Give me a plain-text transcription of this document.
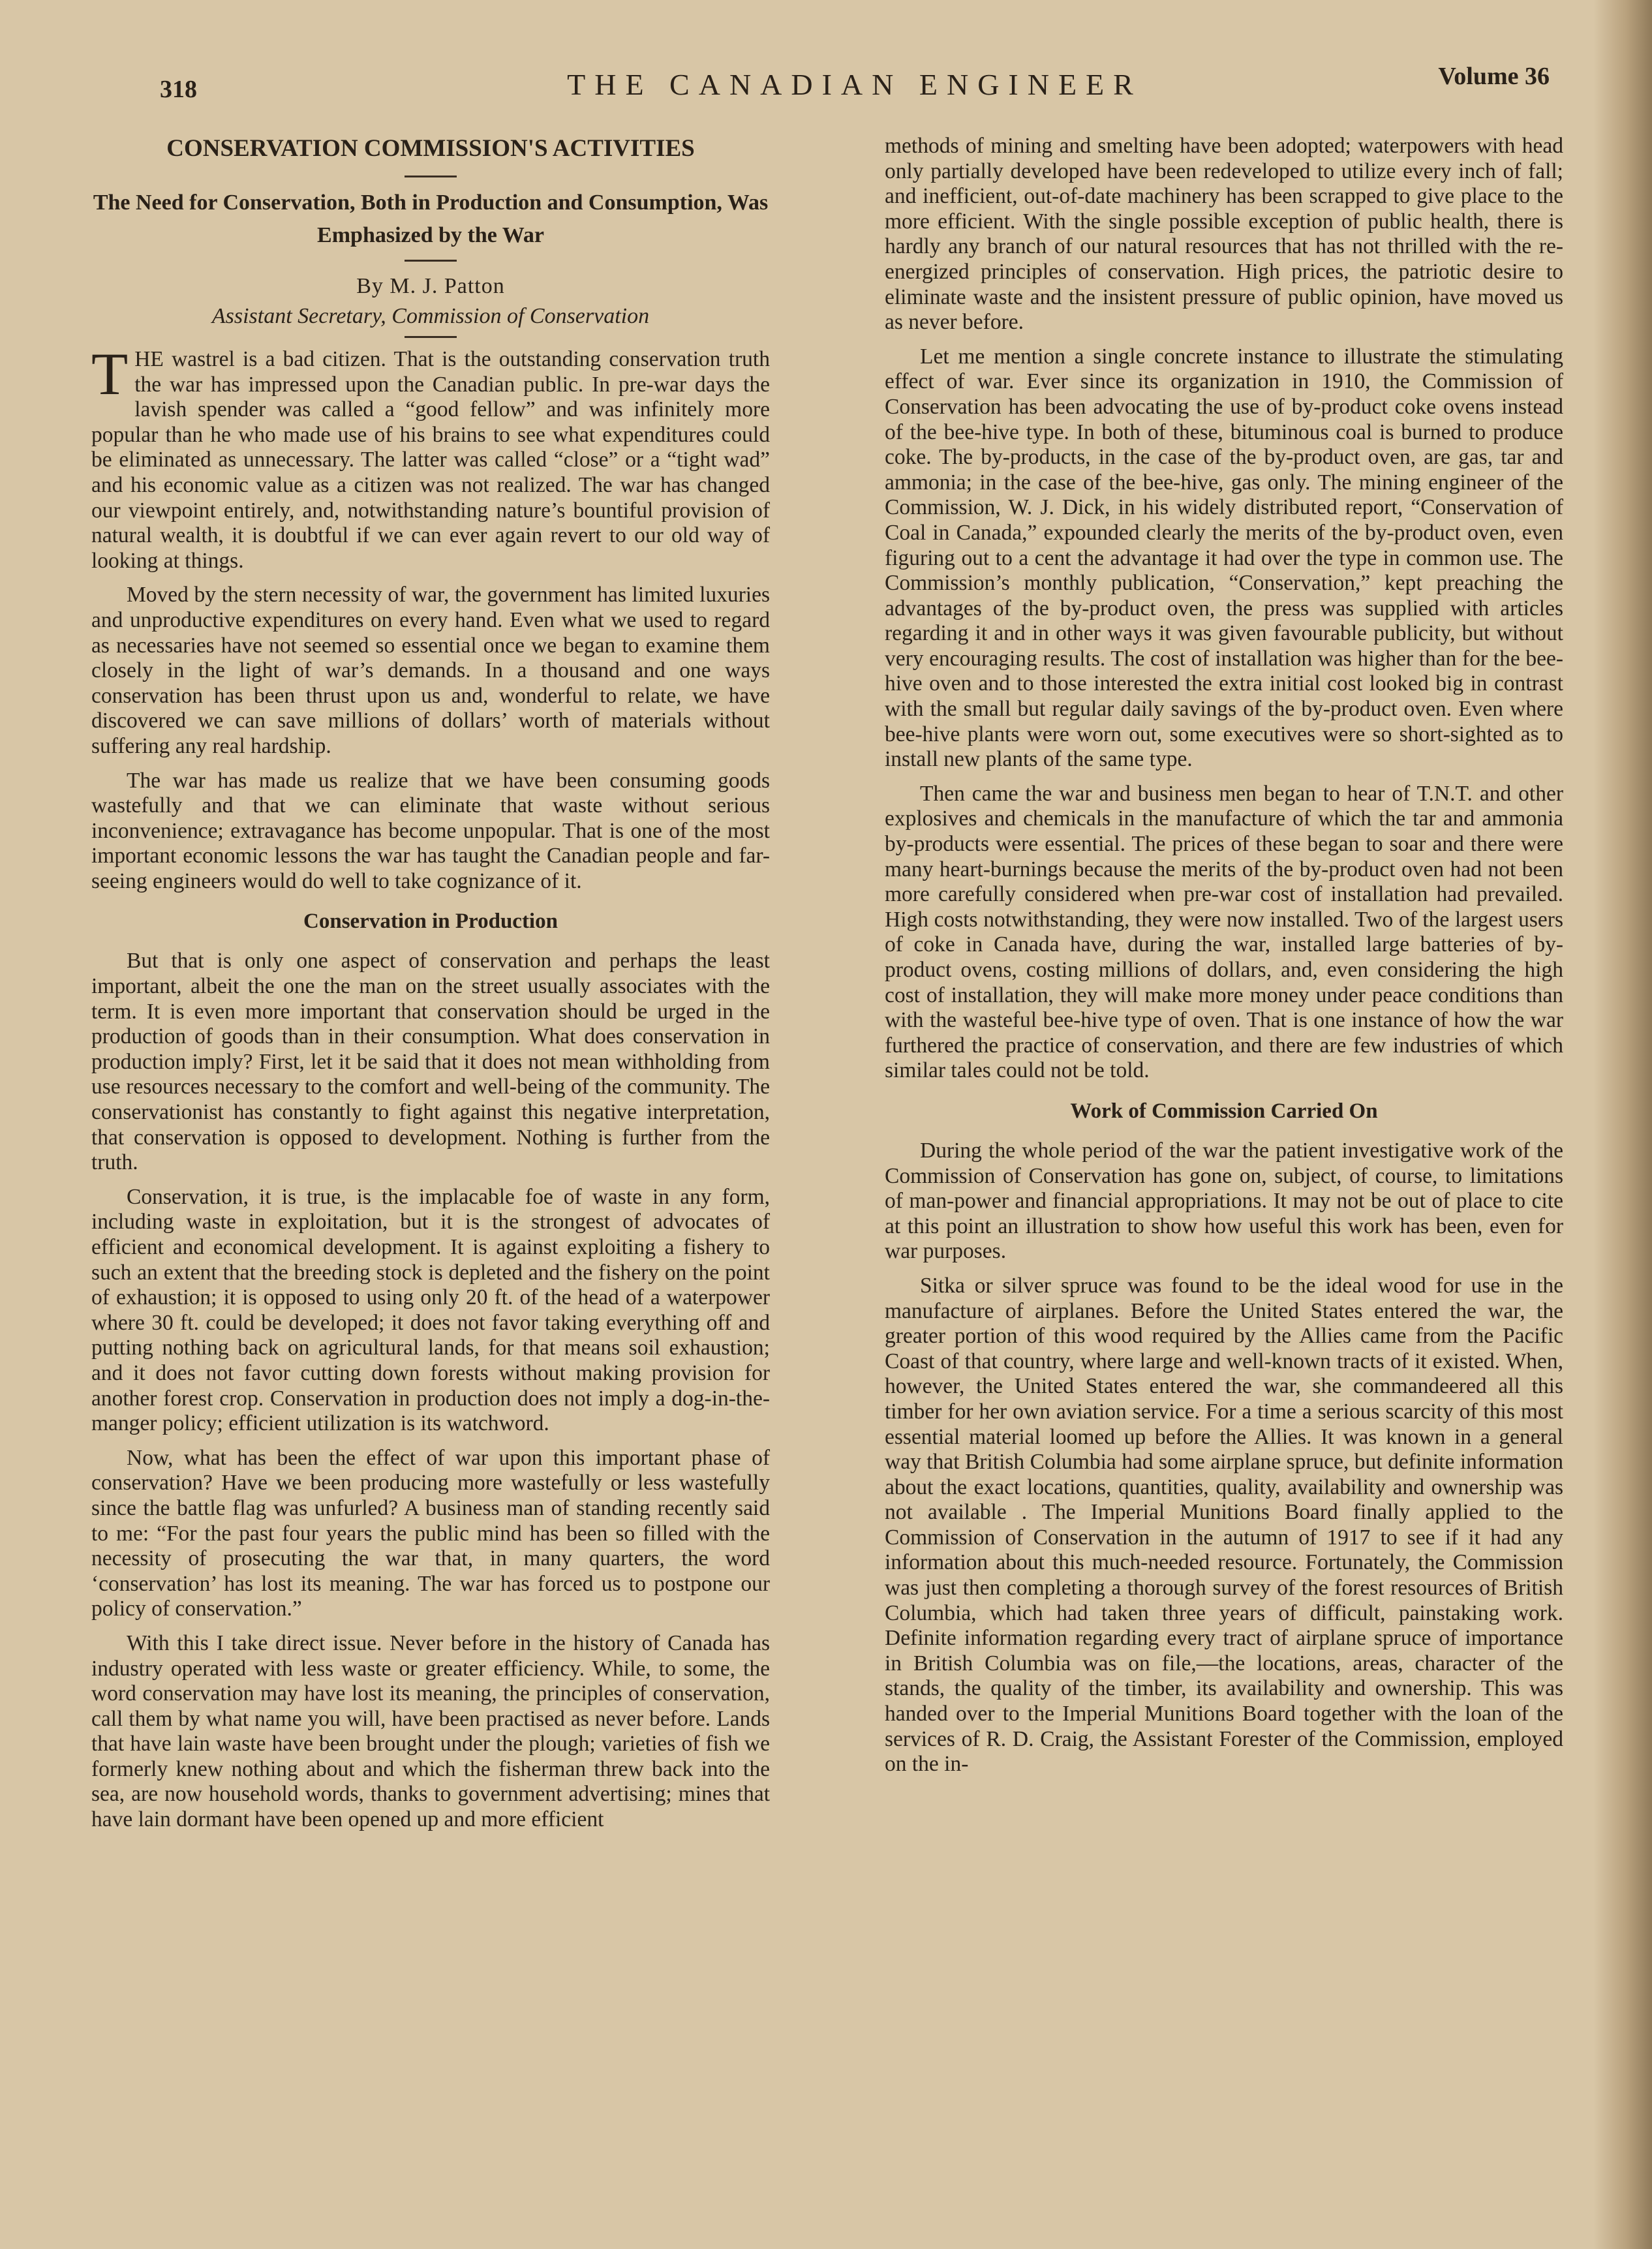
318	THE CANADIAN ENGINEER	Volume 36
CONSERVATION COMMISSION'S ACTIVITIES
The Need for Conservation, Both in Production and Consumption, Was Emphasized by the War
By M. J. Patton
Assistant Secretary, Commission of Conservation

THE wastrel is a bad citizen. That is the outstanding conservation truth the war has impressed upon the Canadian public. In pre-war days the lavish spender was called a “good fellow” and was infinitely more popular than he who made use of his brains to see what expenditures could be eliminated as unnecessary. The latter was called “close” or a “tight wad” and his economic value as a citizen was not realized. The war has changed our viewpoint entirely, and, notwithstanding nature’s bountiful provision of natural wealth, it is doubtful if we can ever again revert to our old way of looking at things.

Moved by the stern necessity of war, the government has limited luxuries and unproductive expenditures on every hand. Even what we used to regard as necessaries have not seemed so essential once we began to examine them closely in the light of war’s demands. In a thousand and one ways conservation has been thrust upon us and, wonderful to relate, we have discovered we can save millions of dollars’ worth of materials without suffering any real hardship.

The war has made us realize that we have been consuming goods wastefully and that we can eliminate that waste without serious inconvenience; extravagance has become unpopular. That is one of the most important economic lessons the war has taught the Canadian people and far-seeing engineers would do well to take cognizance of it.

Conservation in Production

But that is only one aspect of conservation and perhaps the least important, albeit the one the man on the street usually associates with the term. It is even more important that conservation should be urged in the production of goods than in their consumption. What does conservation in production imply? First, let it be said that it does not mean withholding from use resources necessary to the comfort and well-being of the community. The conservationist has constantly to fight against this negative interpretation, that conservation is opposed to development. Nothing is further from the truth.

Conservation, it is true, is the implacable foe of waste in any form, including waste in exploitation, but it is the strongest of advocates of efficient and economical development. It is against exploiting a fishery to such an extent that the breeding stock is depleted and the fishery on the point of exhaustion; it is opposed to using only 20 ft. of the head of a waterpower where 30 ft. could be developed; it does not favor taking everything off and putting nothing back on agricultural lands, for that means soil exhaustion; and it does not favor cutting down forests without making provision for another forest crop. Conservation in production does not imply a dog-in-the-manger policy; efficient utilization is its watchword.

Now, what has been the effect of war upon this important phase of conservation? Have we been producing more wastefully or less wastefully since the battle flag was unfurled? A business man of standing recently said to me: “For the past four years the public mind has been so filled with the necessity of prosecuting the war that, in many quarters, the word ‘conservation’ has lost its meaning. The war has forced us to postpone our policy of conservation.”

With this I take direct issue. Never before in the history of Canada has industry operated with less waste or greater efficiency. While, to some, the word conservation may have lost its meaning, the principles of conservation, call them by what name you will, have been practised as never before. Lands that have lain waste have been brought under the plough; varieties of fish we formerly knew nothing about and which the fisherman threw back into the sea, are now household words, thanks to government advertising; mines that have lain dormant have been opened up and more efficient

methods of mining and smelting have been adopted; waterpowers with head only partially developed have been redeveloped to utilize every inch of fall; and inefficient, out-of-date machinery has been scrapped to give place to the more efficient. With the single possible exception of public health, there is hardly any branch of our natural resources that has not thrilled with the re-energized principles of conservation. High prices, the patriotic desire to eliminate waste and the insistent pressure of public opinion, have moved us as never before.

Let me mention a single concrete instance to illustrate the stimulating effect of war. Ever since its organization in 1910, the Commission of Conservation has been advocating the use of by-product coke ovens instead of the bee-hive type. In both of these, bituminous coal is burned to produce coke. The by-products, in the case of the by-product oven, are gas, tar and ammonia; in the case of the bee-hive, gas only. The mining engineer of the Commission, W. J. Dick, in his widely distributed report, “Conservation of Coal in Canada,” expounded clearly the merits of the by-product oven, even figuring out to a cent the advantage it had over the type in common use. The Commission’s monthly publication, “Conservation,” kept preaching the advantages of the by-product oven, the press was supplied with articles regarding it and in other ways it was given favourable publicity, but without very encouraging results. The cost of installation was higher than for the bee-hive oven and to those interested the extra initial cost looked big in contrast with the small but regular daily savings of the by-product oven. Even where bee-hive plants were worn out, some executives were so short-sighted as to install new plants of the same type.

Then came the war and business men began to hear of T.N.T. and other explosives and chemicals in the manufacture of which the tar and ammonia by-products were essential. The prices of these began to soar and there were many heart-burnings because the merits of the by-product oven had not been more carefully considered when pre-war cost of installation had prevailed. High costs notwithstanding, they were now installed. Two of the largest users of coke in Canada have, during the war, installed large batteries of by-product ovens, costing millions of dollars, and, even considering the high cost of installation, they will make more money under peace conditions than with the wasteful bee-hive type of oven. That is one instance of how the war furthered the practice of conservation, and there are few industries of which similar tales could not be told.

Work of Commission Carried On

During the whole period of the war the patient investigative work of the Commission of Conservation has gone on, subject, of course, to limitations of man-power and financial appropriations. It may not be out of place to cite at this point an illustration to show how useful this work has been, even for war purposes.

Sitka or silver spruce was found to be the ideal wood for use in the manufacture of airplanes. Before the United States entered the war, the greater portion of this wood required by the Allies came from the Pacific Coast of that country, where large and well-known tracts of it existed. When, however, the United States entered the war, she commandeered all this timber for her own aviation service. For a time a serious scarcity of this most essential material loomed up before the Allies. It was known in a general way that British Columbia had some airplane spruce, but definite information about the exact locations, quantities, quality, availability and ownership was not available . The Imperial Munitions Board finally applied to the Commission of Conservation in the autumn of 1917 to see if it had any information about this much-needed resource. Fortunately, the Commission was just then completing a thorough survey of the forest resources of British Columbia, which had taken three years of difficult, painstaking work. Definite information regarding every tract of airplane spruce of importance in British Columbia was on file,—the locations, areas, character of the stands, the quality of the timber, its availability and ownership. This was handed over to the Imperial Munitions Board together with the loan of the services of R. D. Craig, the Assistant Forester of the Commission, employed on the in-
